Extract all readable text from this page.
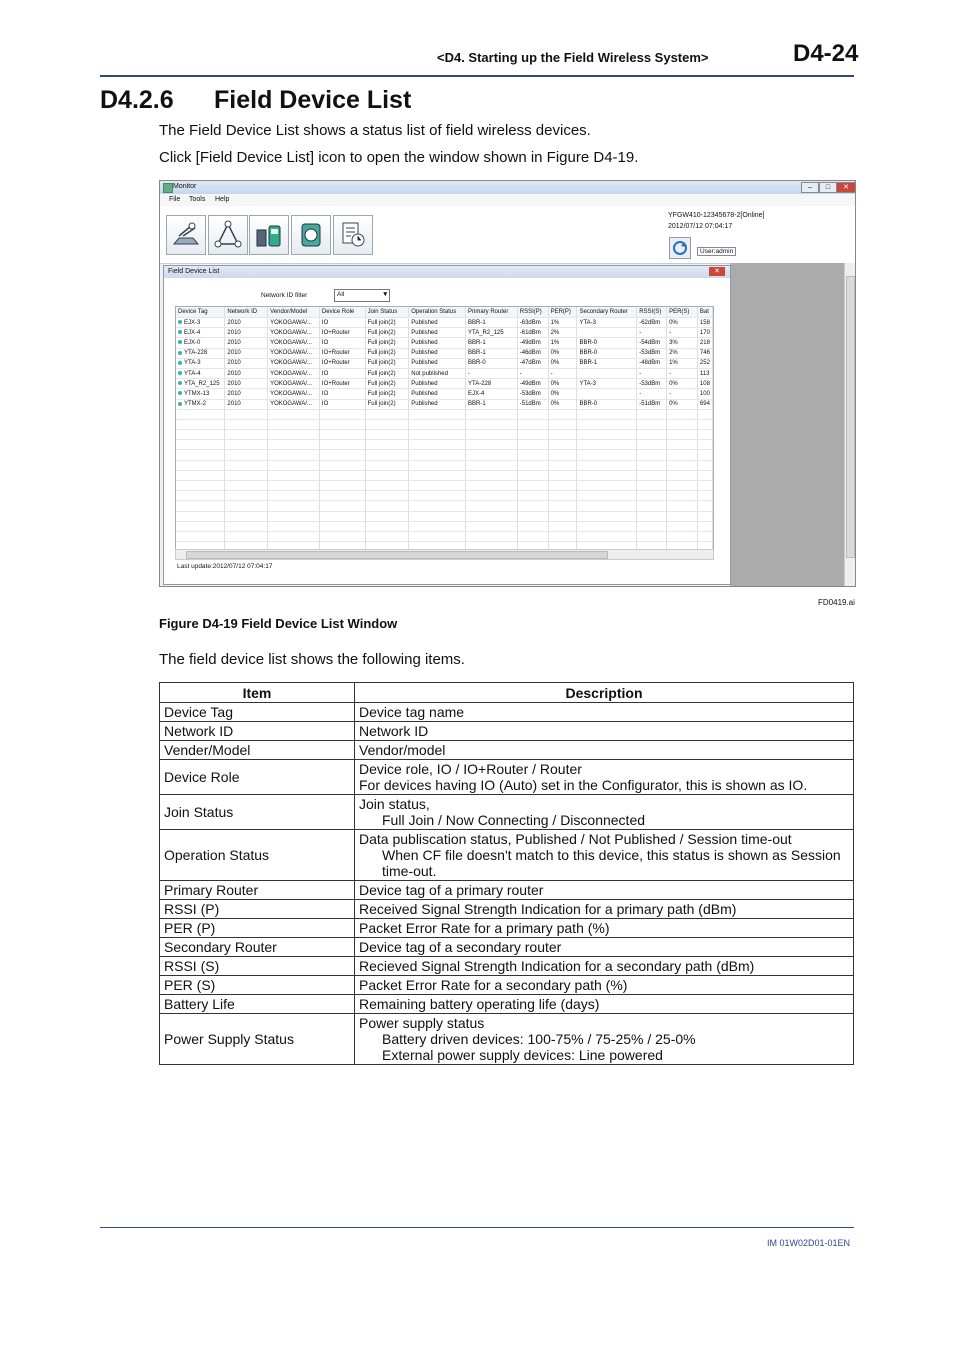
<D4. Starting up the Field Wireless System>	D4-24
D4.2.6 Field Device List
The Field Device List shows a status list of field wireless devices.
Click [Field Device List] icon to open the window shown in Figure D4-19.
Monitor	–	□	✕
File Tools Help
YFGW410-12345678-2[Online]
2012/07/12 07:04:17
User:admin
Field Device List	✕
Network ID filter	All	▾
Device Tag	Network ID	Vendor/Model	Device Role	Join Status	Operation Status	Primary Router	RSSI(P)	PER(P)	Secondary Router	RSSI(S)	PER(S)	Bat
EJX-3	2010	YOKOGAWA/...	IO	Full join(2)	Published	BBR-1	-63dBm	1%	YTA-3	-62dBm	0%	158
EJX-4	2010	YOKOGAWA/...	IO+Router	Full join(2)	Published	YTA_R2_125	-61dBm	2%		-	-	170
EJX-0	2010	YOKOGAWA/...	IO	Full join(2)	Published	BBR-1	-49dBm	1%	BBR-0	-54dBm	3%	218
YTA-228	2010	YOKOGAWA/...	IO+Router	Full join(2)	Published	BBR-1	-46dBm	0%	BBR-0	-53dBm	2%	746
YTA-3	2010	YOKOGAWA/...	IO+Router	Full join(2)	Published	BBR-0	-47dBm	0%	BBR-1	-48dBm	1%	252
YTA-4	2010	YOKOGAWA/...	IO	Full join(2)	Not published	-	-	-		-	-	113
YTA_R2_125	2010	YOKOGAWA/...	IO+Router	Full join(2)	Published	YTA-228	-49dBm	0%	YTA-3	-53dBm	0%	108
YTMX-13	2010	YOKOGAWA/...	IO	Full join(2)	Published	EJX-4	-53dBm	0%		-	-	100
YTMX-2	2010	YOKOGAWA/...	IO	Full join(2)	Published	BBR-1	-51dBm	0%	BBR-0	-51dBm	0%	694

Last update:2012/07/12 07:04:17
FD0419.ai
Figure D4-19 Field Device List Window
The field device list shows the following items.
Item	Description
Device Tag	Device tag name

Network ID	Network ID

Vender/Model	Vendor/model

Device Role	Device role, IO / IO+Router / Router
For devices having IO (Auto) set in the Configurator, this is shown as IO.

Join Status	Join status,
Full Join / Now Connecting / Disconnected

Operation Status	Data publiscation status, Published / Not Published / Session time-out
When CF file doesn't match to this device, this status is shown as Session time-out.

Primary Router	Device tag of a primary router

RSSI (P)	Received Signal Strength Indication for a primary path (dBm)

PER (P)	Packet Error Rate for a primary path (%)

Secondary Router	Device tag of a secondary router

RSSI (S)	Recieved Signal Strength Indication for a secondary path (dBm)

PER (S)	Packet Error Rate for a secondary path (%)

Battery Life	Remaining battery operating life (days)

Power Supply Status	Power supply status
Battery driven devices: 100-75% / 75-25% / 25-0%
External power supply devices: Line powered
IM 01W02D01-01EN
